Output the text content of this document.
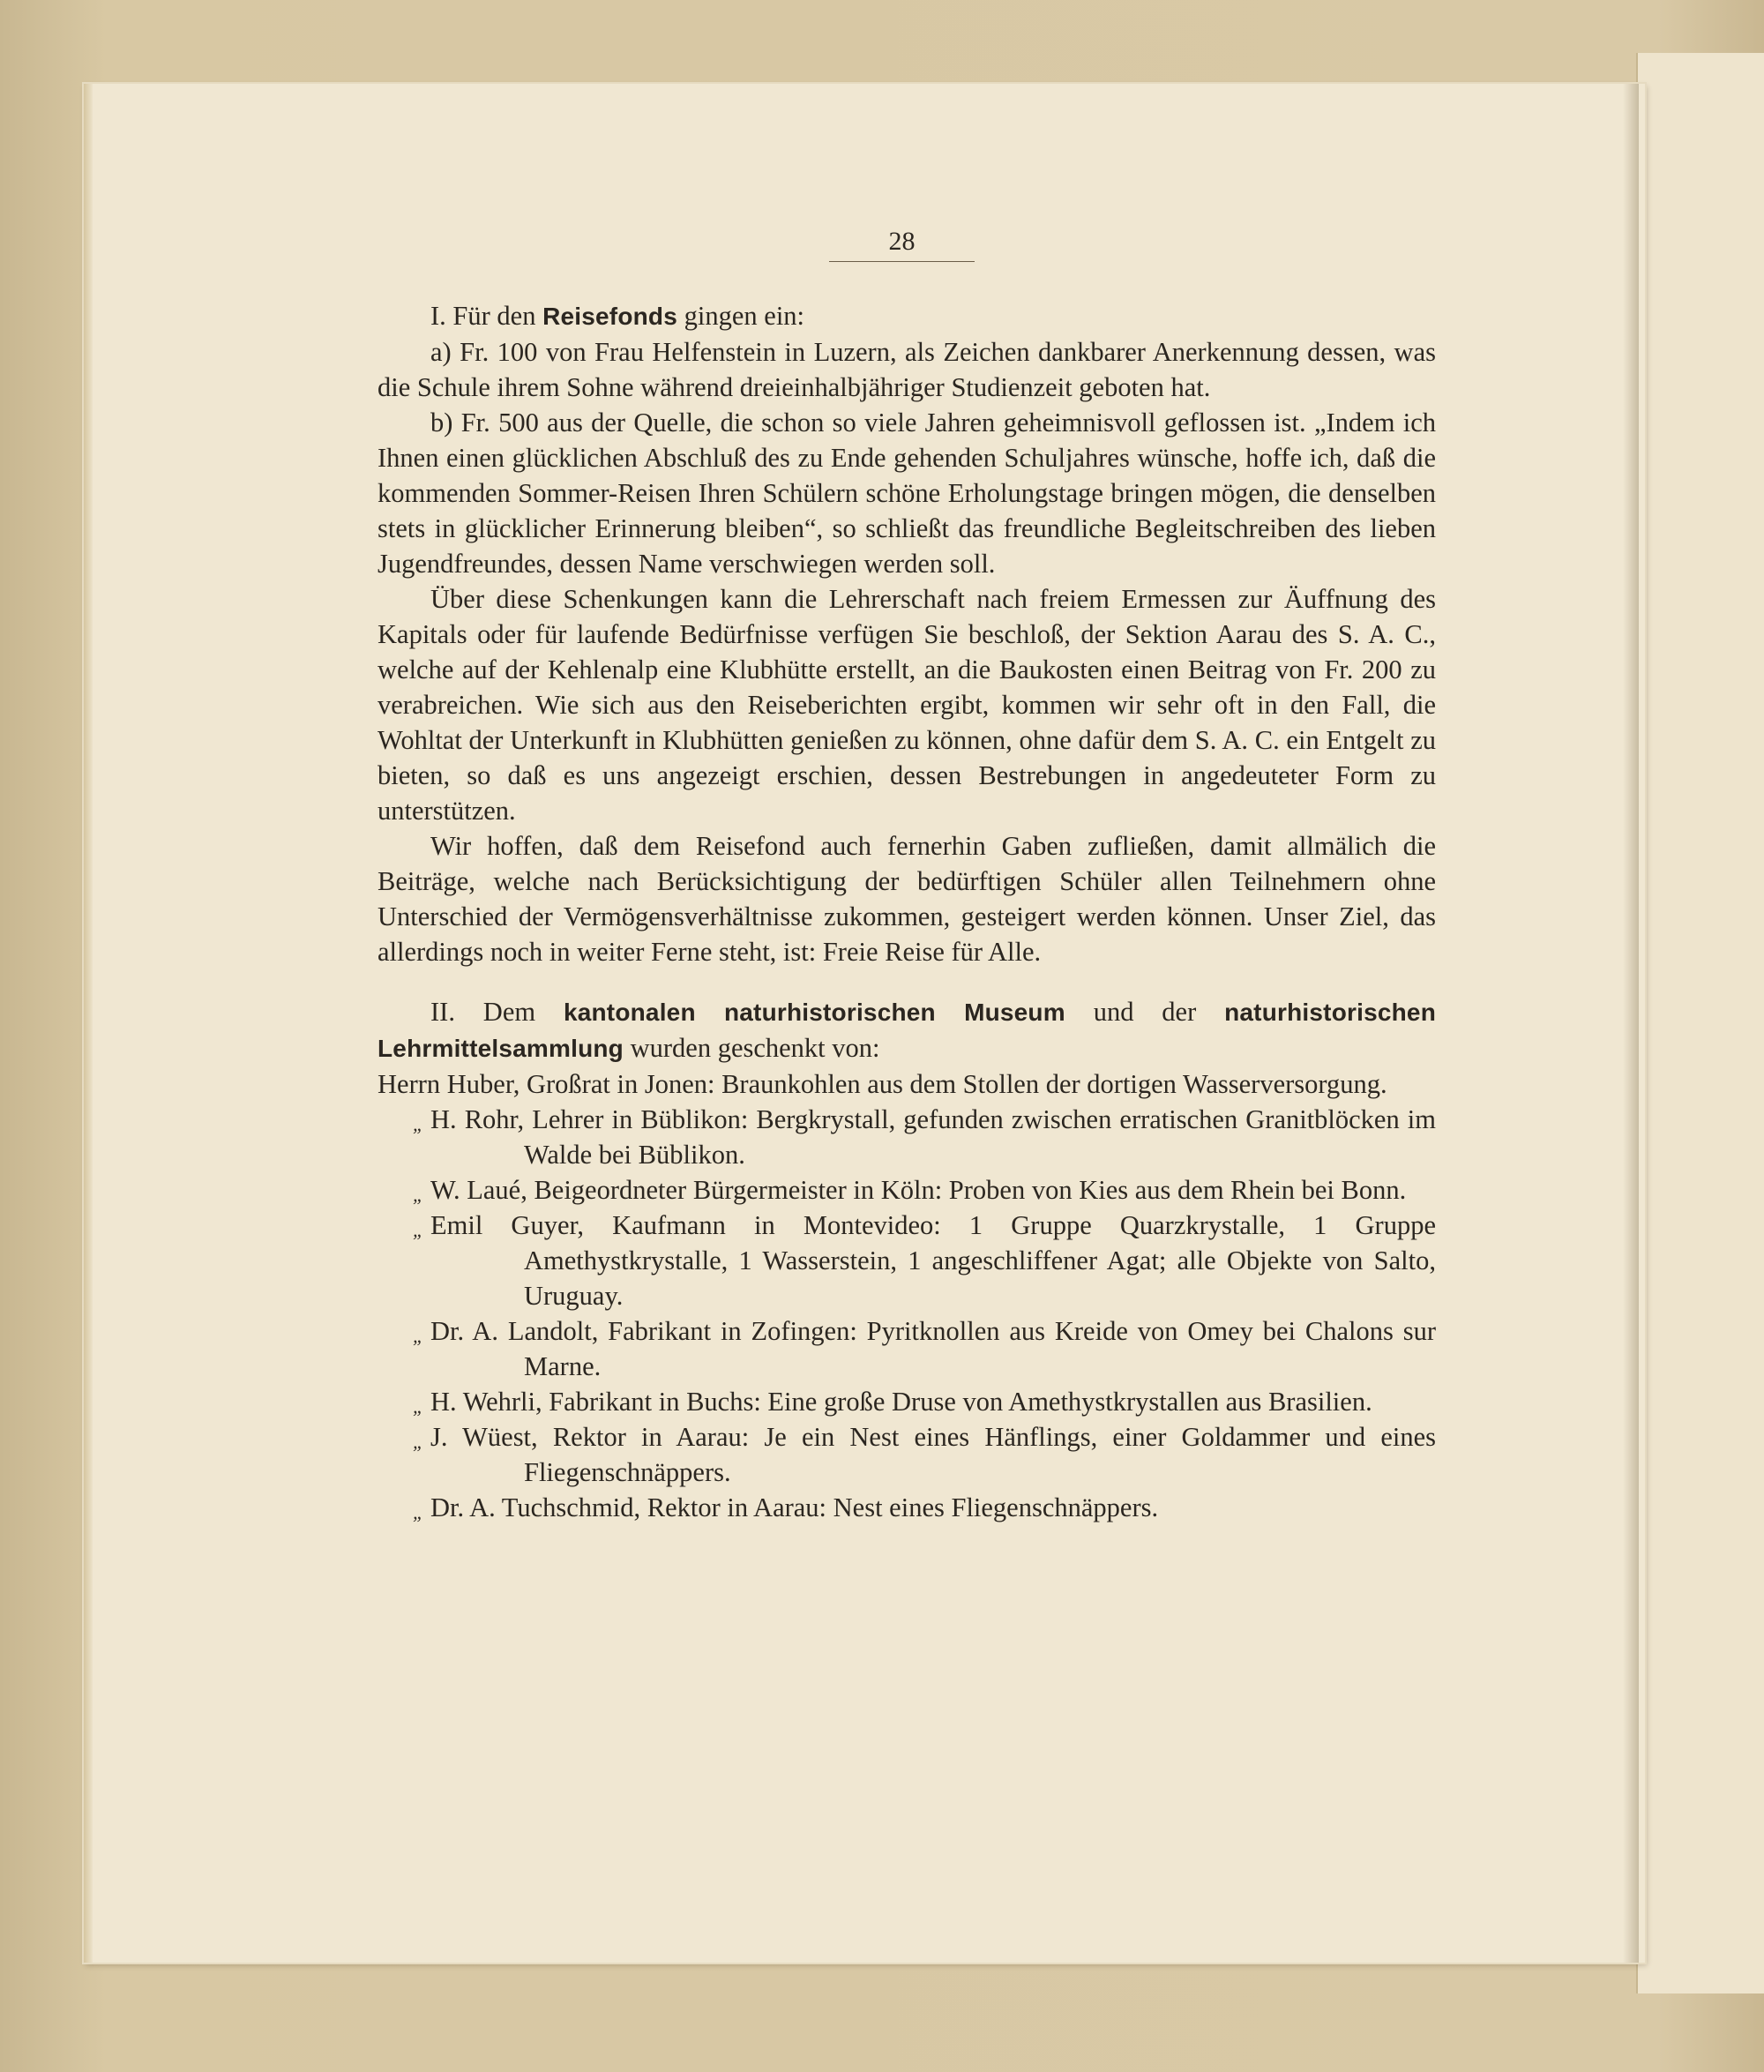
28

I. Für den Reisefonds gingen ein:

a) Fr. 100 von Frau Helfenstein in Luzern, als Zeichen dankbarer Anerkennung dessen, was die Schule ihrem Sohne während dreieinhalbjähriger Studienzeit geboten hat.

b) Fr. 500 aus der Quelle, die schon so viele Jahren geheimnisvoll geflossen ist. „Indem ich Ihnen einen glücklichen Abschluß des zu Ende gehenden Schuljahres wünsche, hoffe ich, daß die kommenden Sommer-Reisen Ihren Schülern schöne Erholungstage bringen mögen, die denselben stets in glücklicher Erinnerung bleiben“, so schließt das freundliche Begleitschreiben des lieben Jugendfreundes, dessen Name verschwiegen werden soll.

Über diese Schenkungen kann die Lehrerschaft nach freiem Ermessen zur Äuffnung des Kapitals oder für laufende Bedürfnisse verfügen Sie beschloß, der Sektion Aarau des S. A. C., welche auf der Kehlenalp eine Klubhütte erstellt, an die Baukosten einen Beitrag von Fr. 200 zu verabreichen. Wie sich aus den Reiseberichten ergibt, kommen wir sehr oft in den Fall, die Wohltat der Unterkunft in Klubhütten genießen zu können, ohne dafür dem S. A. C. ein Entgelt zu bieten, so daß es uns angezeigt erschien, dessen Bestrebungen in angedeuteter Form zu unterstützen.

Wir hoffen, daß dem Reisefond auch fernerhin Gaben zufließen, damit allmälich die Beiträge, welche nach Berücksichtigung der bedürftigen Schüler allen Teilnehmern ohne Unterschied der Vermögensverhältnisse zukommen, gesteigert werden können. Unser Ziel, das allerdings noch in weiter Ferne steht, ist: Freie Reise für Alle.

II. Dem kantonalen naturhistorischen Museum und der naturhistorischen Lehrmittelsammlung wurden geschenkt von:

Herrn Huber, Großrat in Jonen: Braunkohlen aus dem Stollen der dortigen Wasserversorgung.

„ H. Rohr, Lehrer in Büblikon: Bergkrystall, gefunden zwischen erratischen Granitblöcken im Walde bei Büblikon.

„ W. Laué, Beigeordneter Bürgermeister in Köln: Proben von Kies aus dem Rhein bei Bonn.

„ Emil Guyer, Kaufmann in Montevideo: 1 Gruppe Quarzkrystalle, 1 Gruppe Amethystkrystalle, 1 Wasserstein, 1 angeschliffener Agat; alle Objekte von Salto, Uruguay.

„ Dr. A. Landolt, Fabrikant in Zofingen: Pyritknollen aus Kreide von Omey bei Chalons sur Marne.

„ H. Wehrli, Fabrikant in Buchs: Eine große Druse von Amethystkrystallen aus Brasilien.

„ J. Wüest, Rektor in Aarau: Je ein Nest eines Hänflings, einer Goldammer und eines Fliegenschnäppers.

„ Dr. A. Tuchschmid, Rektor in Aarau: Nest eines Fliegenschnäppers.
